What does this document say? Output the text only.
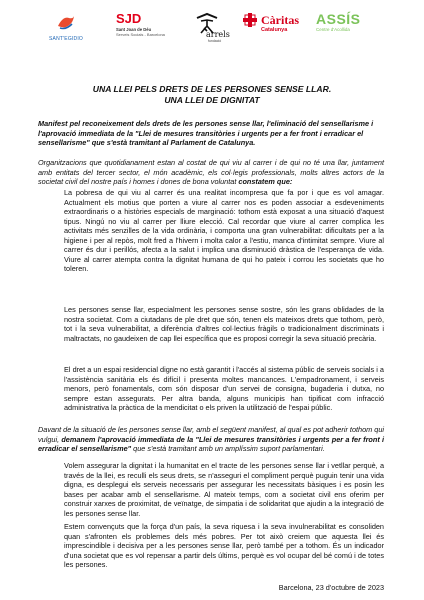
SANT'EGIDIO
SJD
Sant Joan de Déu
Serveis Socials - Barcelona	arrels
fundació
Càritas
Catalunya
ASSÍS
Centre d'Acollida
UNA LLEI PELS DRETS DE LES PERSONES SENSE LLAR.
UNA LLEI DE DIGNITAT
Manifest pel reconeixement dels drets de les persones sense llar, l'eliminació del sensellarisme i l'aprovació immediata de la "Llei de mesures transitòries i urgents per a fer front i erradicar el sensellarisme" que s'està tramitant al Parlament de Catalunya.

Organitzacions que quotidianament estan al costat de qui viu al carrer i de qui no té una llar, juntament amb entitats del tercer sector, el món acadèmic, els col·legis professionals, molts altres actors de la societat civil del nostre país i homes i dones de bona voluntat constatem que:

La pobresa de qui viu al carrer és una realitat incompresa que fa por i que es vol amagar. Actualment els motius que porten a viure al carrer nos es poden associar a esdeveniments extraordinaris o a històries especials de marginació: tothom està exposat a una situació d'aquest tipus. Ningú no viu al carrer per lliure elecció. Cal recordar que viure al carrer complica les activitats més senzilles de la vida ordinària, i comporta una gran vulnerabilitat: dificultats per a la higiene i per al repòs, molt fred a l'hivern i molta calor a l'estiu, manca d'intimitat sempre. Viure al carrer és dur i perillós, afecta a la salut i implica una disminució dràstica de l'esperança de vida. Viure al carrer atempta contra la dignitat humana de qui ho pateix i corrou les societats que ho toleren.

Les persones sense llar, especialment les persones sense sostre, són les grans oblidades de la nostra societat. Com a ciutadans de ple dret que són, tenen els mateixos drets que tothom, però, tot i la seva vulnerabilitat, a diferència d'altres col·lectius fràgils o tradicionalment discriminats i maltractats, no gaudeixen de cap llei específica que es proposi corregir la seva situació precària.

El dret a un espai residencial digne no està garantit i l'accés al sistema públic de serveis socials i a l'assistència sanitària els és difícil i presenta moltes mancances. L'empadronament, i serveis menors, però fonamentals, com són disposar d'un servei de consigna, bugaderia i dutxa, no sempre estan assegurats. Per altra banda, alguns municipis han tipificat com infracció administrativa la pràctica de la mendicitat o els priven la utilització de l'espai públic.

Davant de la situació de les persones sense llar, amb el següent manifest, al qual es pot adherir tothom qui vulgui, demanem l'aprovació immediata de la "Llei de mesures transitòries i urgents per a fer front i erradicar el sensellarisme" que s'està tramitant amb un amplíssim suport parlamentari.

Volem assegurar la dignitat i la humanitat en el tracte de les persones sense llar i vetllar perquè, a través de la llei, es reculli els seus drets, se n'asseguri el compliment perquè puguin tenir una vida digna, es desplegui els serveis necessaris per assegurar les necessitats bàsiques i es posin les bases per acabar amb el sensellarisme. Al mateix temps, com a societat civil ens oferim per construir xarxes de proximitat, de veïnatge, de simpatia i de solidaritat que ajudin a la integració de les persones sense llar.

Estem convençuts que la força d'un país, la seva riquesa i la seva invulnerabilitat es consoliden quan s'afronten els problemes dels més pobres. Per tot això creiem que aquesta llei és imprescindible i decisiva per a les persones sense llar, però també per a tothom. És un indicador d'una societat que es vol repensar a partir dels últims, perquè es vol ocupar del bé comú i de totes les persones.

Barcelona, 23 d'octubre de 2023
